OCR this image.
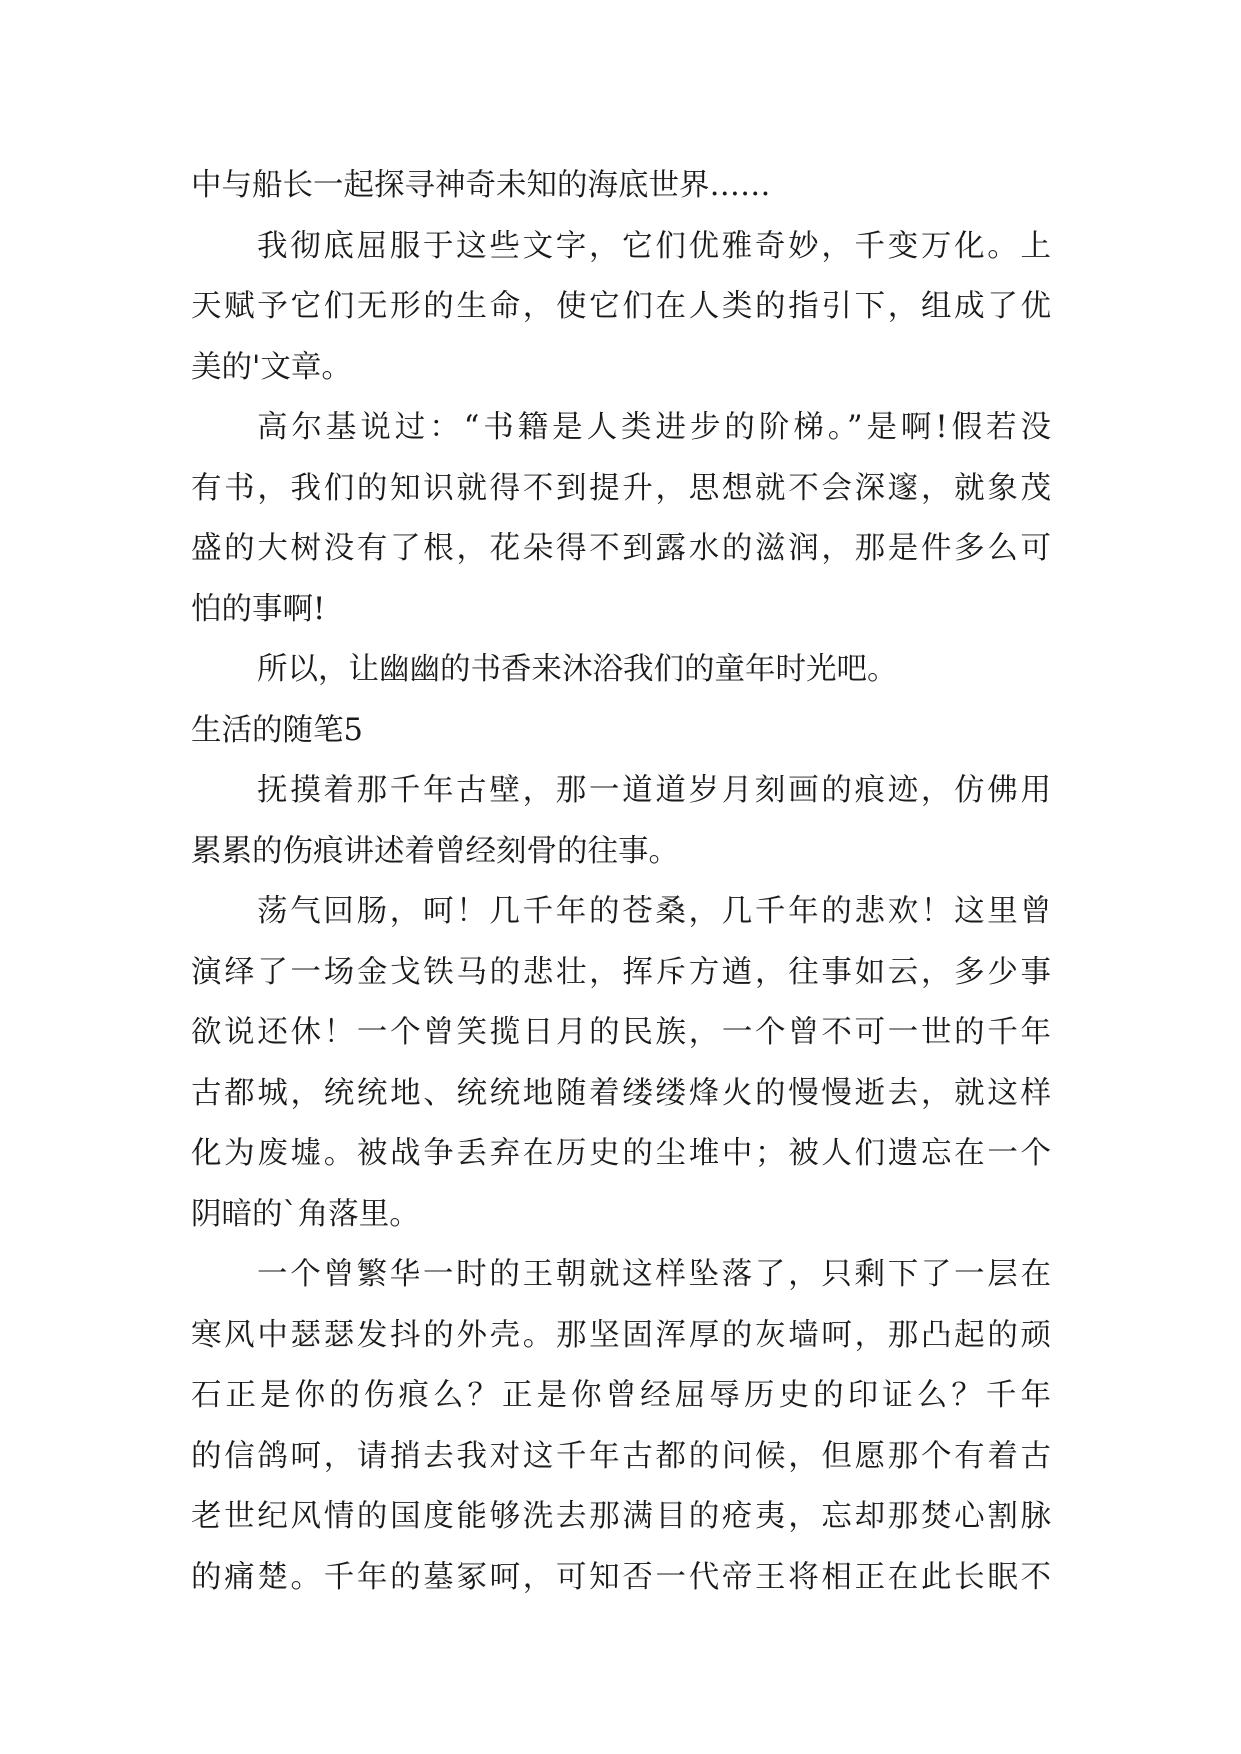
中与船长一起探寻神奇未知的海底世界……
我彻底屈服于这些文字，它们优雅奇妙，千变万化。上
天赋予它们无形的生命，使它们在人类的指引下，组成了优
美的'文章。
高尔基说过：“书籍是人类进步的阶梯。”是啊!假若没
有书，我们的知识就得不到提升，思想就不会深邃，就象茂
盛的大树没有了根，花朵得不到露水的滋润，那是件多么可
怕的事啊!
所以，让幽幽的书香来沐浴我们的童年时光吧。
生活的随笔5
抚摸着那千年古壁，那一道道岁月刻画的痕迹，仿佛用
累累的伤痕讲述着曾经刻骨的往事。
荡气回肠，呵！几千年的苍桑，几千年的悲欢！这里曾
演绎了一场金戈铁马的悲壮，挥斥方遒，往事如云，多少事
欲说还休！一个曾笑揽日月的民族，一个曾不可一世的千年
古都城，统统地、统统地随着缕缕烽火的慢慢逝去，就这样
化为废墟。被战争丢弃在历史的尘堆中；被人们遗忘在一个
阴暗的`角落里。
一个曾繁华一时的王朝就这样坠落了，只剩下了一层在
寒风中瑟瑟发抖的外壳。那坚固浑厚的灰墙呵，那凸起的顽
石正是你的伤痕么？正是你曾经屈辱历史的印证么？千年
的信鸽呵，请捎去我对这千年古都的问候，但愿那个有着古
老世纪风情的国度能够洗去那满目的疮夷，忘却那焚心割脉
的痛楚。千年的墓冢呵，可知否一代帝王将相正在此长眠不
